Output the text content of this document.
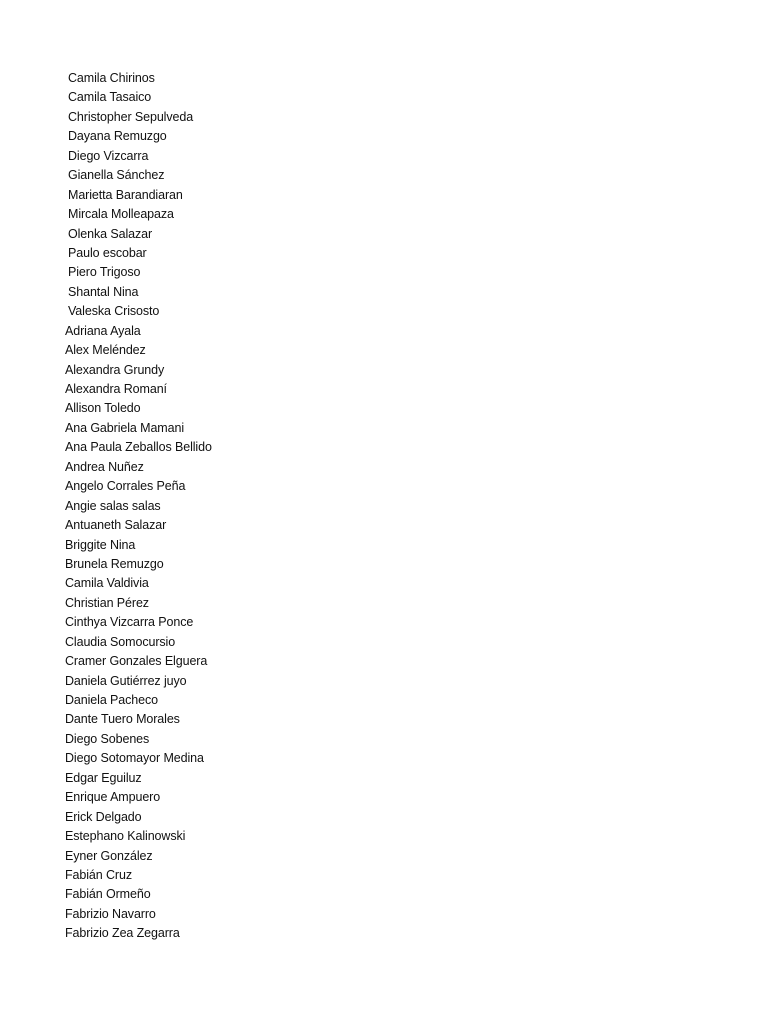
Camila Chirinos
Camila Tasaico
Christopher Sepulveda
Dayana Remuzgo
Diego Vizcarra
Gianella Sánchez
Marietta Barandiaran
Mircala Molleapaza
Olenka Salazar
Paulo escobar
Piero Trigoso
Shantal Nina
Valeska Crisosto
Adriana Ayala
Alex Meléndez
Alexandra Grundy
Alexandra Romaní
Allison Toledo
Ana Gabriela Mamani
Ana Paula Zeballos Bellido
Andrea Nuñez
Angelo Corrales Peña
Angie salas salas
Antuaneth Salazar
Briggite Nina
Brunela Remuzgo
Camila Valdivia
Christian Pérez
Cinthya Vizcarra Ponce
Claudia Somocursio
Cramer Gonzales Elguera
Daniela Gutiérrez juyo
Daniela Pacheco
Dante Tuero Morales
Diego Sobenes
Diego Sotomayor Medina
Edgar Eguiluz
Enrique Ampuero
Erick Delgado
Estephano Kalinowski
Eyner González
Fabián Cruz
Fabián Ormeño
Fabrizio Navarro
Fabrizio Zea Zegarra
